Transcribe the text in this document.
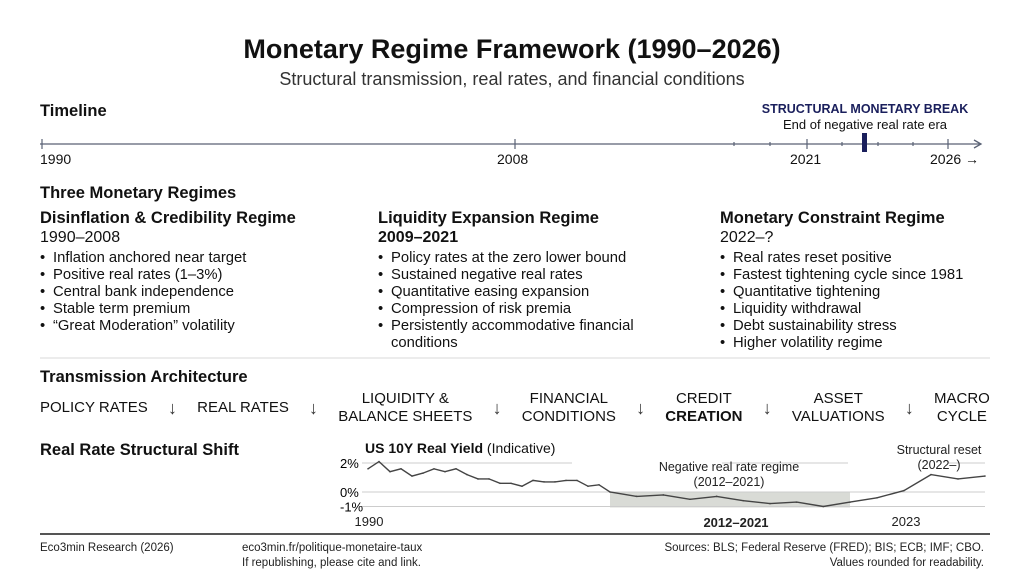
Monetary Regime Framework (1990–2026)
Structural transmission, real rates, and financial conditions
Timeline	STRUCTURAL MONETARY BREAK
End of negative real rate era
1990	2008	2021	2026 →
Three Monetary Regimes
Disinflation & Credibility Regime
1990–2008
• Inflation anchored near target
• Positive real rates (1–3%)
• Central bank independence
• Stable term premium
• “Great Moderation” volatility
Liquidity Expansion Regime
2009–2021
• Policy rates at the zero lower bound
• Sustained negative real rates
• Quantitative easing expansion
• Compression of risk premia
• Persistently accommodative financial conditions
Monetary Constraint Regime
2022–?
• Real rates reset positive
• Fastest tightening cycle since 1981
• Quantitative tightening
• Liquidity withdrawal
• Debt sustainability stress
• Higher volatility regime
Transmission Architecture
POLICY RATES ↓ REAL RATES ↓	LIQUIDITY &
BALANCE SHEETS ↓	FINANCIAL
CONDITIONS ↓	CREDIT
CREATION ↓	ASSET
VALUATIONS ↓ MACRO
CYCLE
Real Rate Structural Shift	US 10Y Real Yield (Indicative)
2%
0%
-1%
Negative real rate regime
(2012–2021)
Structural reset
(2022–)
1990	2012–2021	2023
Eco3min Research (2026)	eco3min.fr/politique-monetaire-taux
If republishing, please cite and link.
Sources: BLS; Federal Reserve (FRED); BIS; ECB; IMF; CBO.
Values rounded for readability.
